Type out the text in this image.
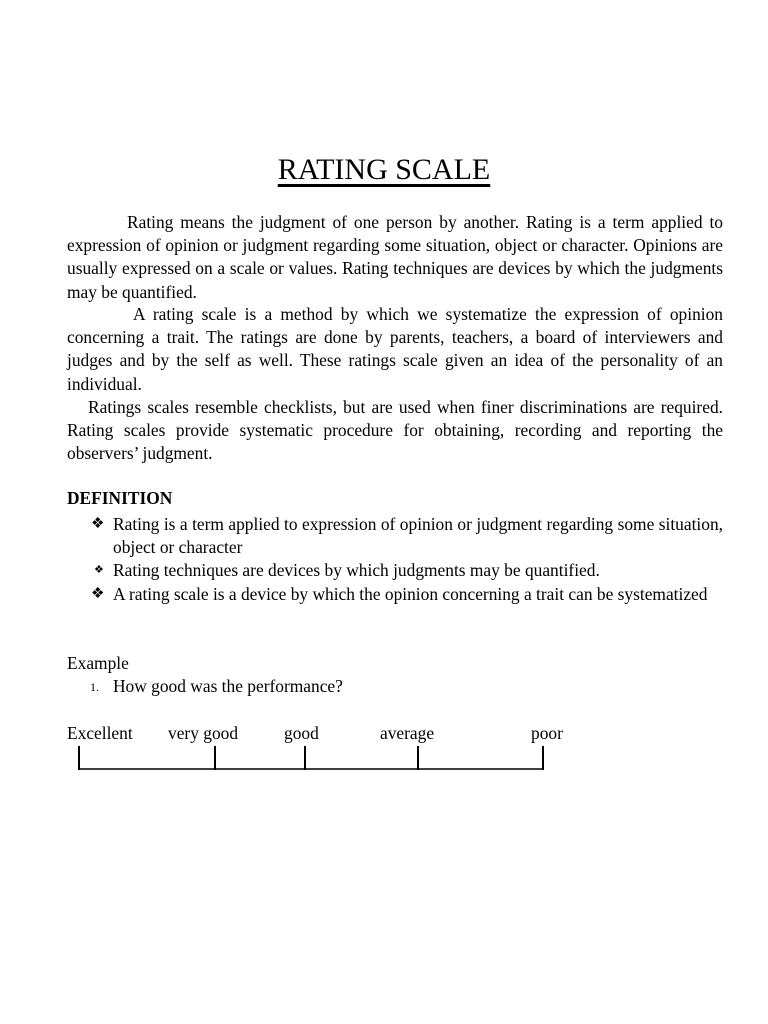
RATING SCALE

Rating means the judgment of one person by another. Rating is a term applied to expression of opinion or judgment regarding some situation, object or character. Opinions are usually expressed on a scale or values. Rating techniques are devices by which the judgments may be quantified.

A rating scale is a method by which we systematize the expression of opinion concerning a trait. The ratings are done by parents, teachers, a board of interviewers and judges and by the self as well. These ratings scale given an idea of the personality of an individual.

Ratings scales resemble checklists, but are used when finer discriminations are required. Rating scales provide systematic procedure for obtaining, recording and reporting the observers’ judgment.

DEFINITION
❖ Rating is a term applied to expression of opinion or judgment regarding some situation, object or character
❖ Rating techniques are devices by which judgments may be quantified.
❖ A rating scale is a device by which the opinion concerning a trait can be systematized
Example
1. How good was the performance?
Excellent very good	good	average	poor
